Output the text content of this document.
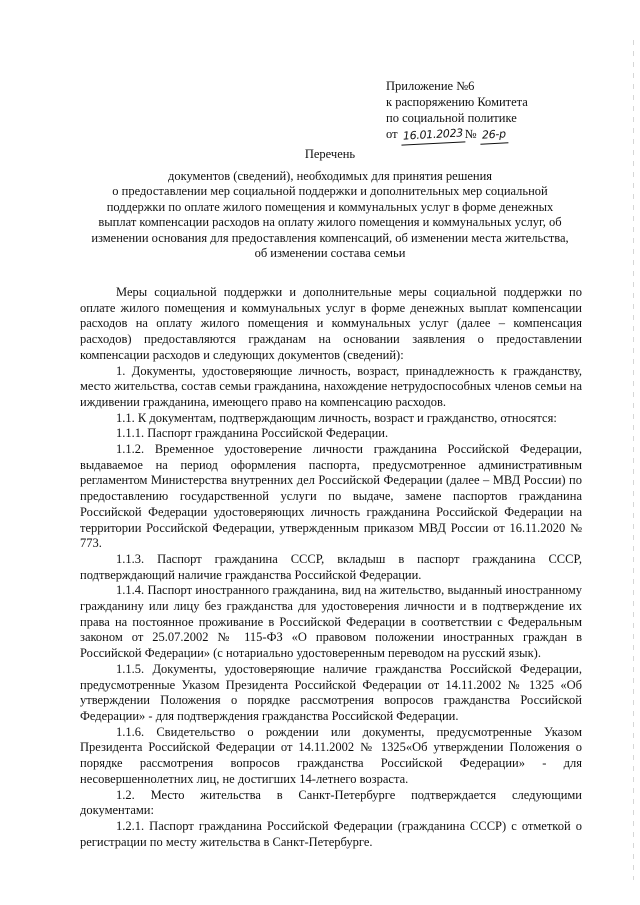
Приложение №6
к распоряжению Комитета
по социальной политике
от 16.01.2023 № 26-р
Перечень
документов (сведений), необходимых для принятия решения
о предоставлении мер социальной поддержки и дополнительных мер социальной
поддержки по оплате жилого помещения и коммунальных услуг в форме денежных
выплат компенсации расходов на оплату жилого помещения и коммунальных услуг, об
изменении основания для предоставления компенсаций, об изменении места жительства,
об изменении состава семьи

Меры социальной поддержки и дополнительные меры социальной поддержки по оплате жилого помещения и коммунальных услуг в форме денежных выплат компенсации расходов на оплату жилого помещения и коммунальных услуг (далее – компенсация расходов) предоставляются гражданам на основании заявления о предоставлении компенсации расходов и следующих документов (сведений):

1. Документы, удостоверяющие личность, возраст, принадлежность к гражданству, место жительства, состав семьи гражданина, нахождение нетрудоспособных членов семьи на иждивении гражданина, имеющего право на компенсацию расходов.

1.1. К документам, подтверждающим личность, возраст и гражданство, относятся:

1.1.1. Паспорт гражданина Российской Федерации.

1.1.2. Временное удостоверение личности гражданина Российской Федерации, выдаваемое на период оформления паспорта, предусмотренное административным регламентом Министерства внутренних дел Российской Федерации (далее – МВД России) по предоставлению государственной услуги по выдаче, замене паспортов гражданина Российской Федерации удостоверяющих личность гражданина Российской Федерации на территории Российской Федерации, утвержденным приказом МВД России от 16.11.2020 № 773.

1.1.3. Паспорт гражданина СССР, вкладыш в паспорт гражданина СССР, подтверждающий наличие гражданства Российской Федерации.

1.1.4. Паспорт иностранного гражданина, вид на жительство, выданный иностранному гражданину или лицу без гражданства для удостоверения личности и в подтверждение их права на постоянное проживание в Российской Федерации в соответствии с Федеральным законом от 25.07.2002 № 115-ФЗ «О правовом положении иностранных граждан в Российской Федерации» (с нотариально удостоверенным переводом на русский язык).

1.1.5. Документы, удостоверяющие наличие гражданства Российской Федерации, предусмотренные Указом Президента Российской Федерации от 14.11.2002 № 1325 «Об утверждении Положения о порядке рассмотрения вопросов гражданства Российской Федерации» - для подтверждения гражданства Российской Федерации.

1.1.6. Свидетельство о рождении или документы, предусмотренные Указом Президента Российской Федерации от 14.11.2002 № 1325«Об утверждении Положения о порядке рассмотрения вопросов гражданства Российской Федерации» - для несовершеннолетних лиц, не достигших 14-летнего возраста.

1.2. Место жительства в Санкт-Петербурге подтверждается следующими документами:

1.2.1. Паспорт гражданина Российской Федерации (гражданина СССР) с отметкой о регистрации по месту жительства в Санкт-Петербурге.
